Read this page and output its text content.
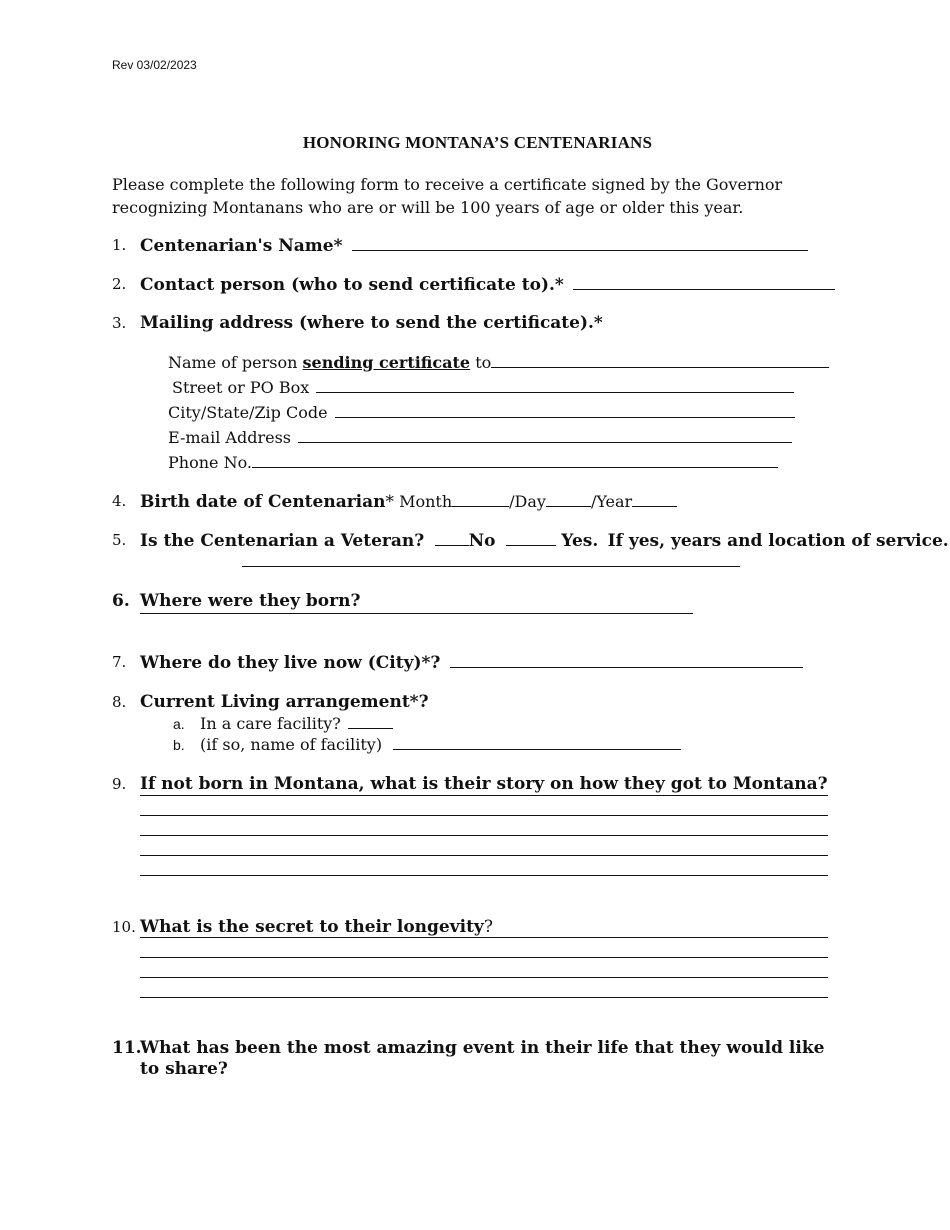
Rev 03/02/2023
HONORING MONTANA’S CENTENARIANS
Please complete the following form to receive a certificate signed by the Governor recognizing Montanans who are or will be 100 years of age or older this year.
1. Centenarian's Name*
2. Contact person (who to send certificate to).*
3. Mailing address (where to send the certificate).*
Name of person sending certificate to
Street or PO Box
City/State/Zip Code
E-mail Address
Phone No.
4. Birth date of Centenarian* Month	/Day	/Year
5. Is the Centenarian a Veteran?	No	Yes. If yes, years and location of service.
6. Where were they born?
7. Where do they live now (City)*?
8. Current Living arrangement*?
a. In a care facility?
b. (if so, name of facility)
9. If not born in Montana, what is their story on how they got to Montana?
10. What is the secret to their longevity?
11.
What has been the most amazing event in their life that they would like to share?
